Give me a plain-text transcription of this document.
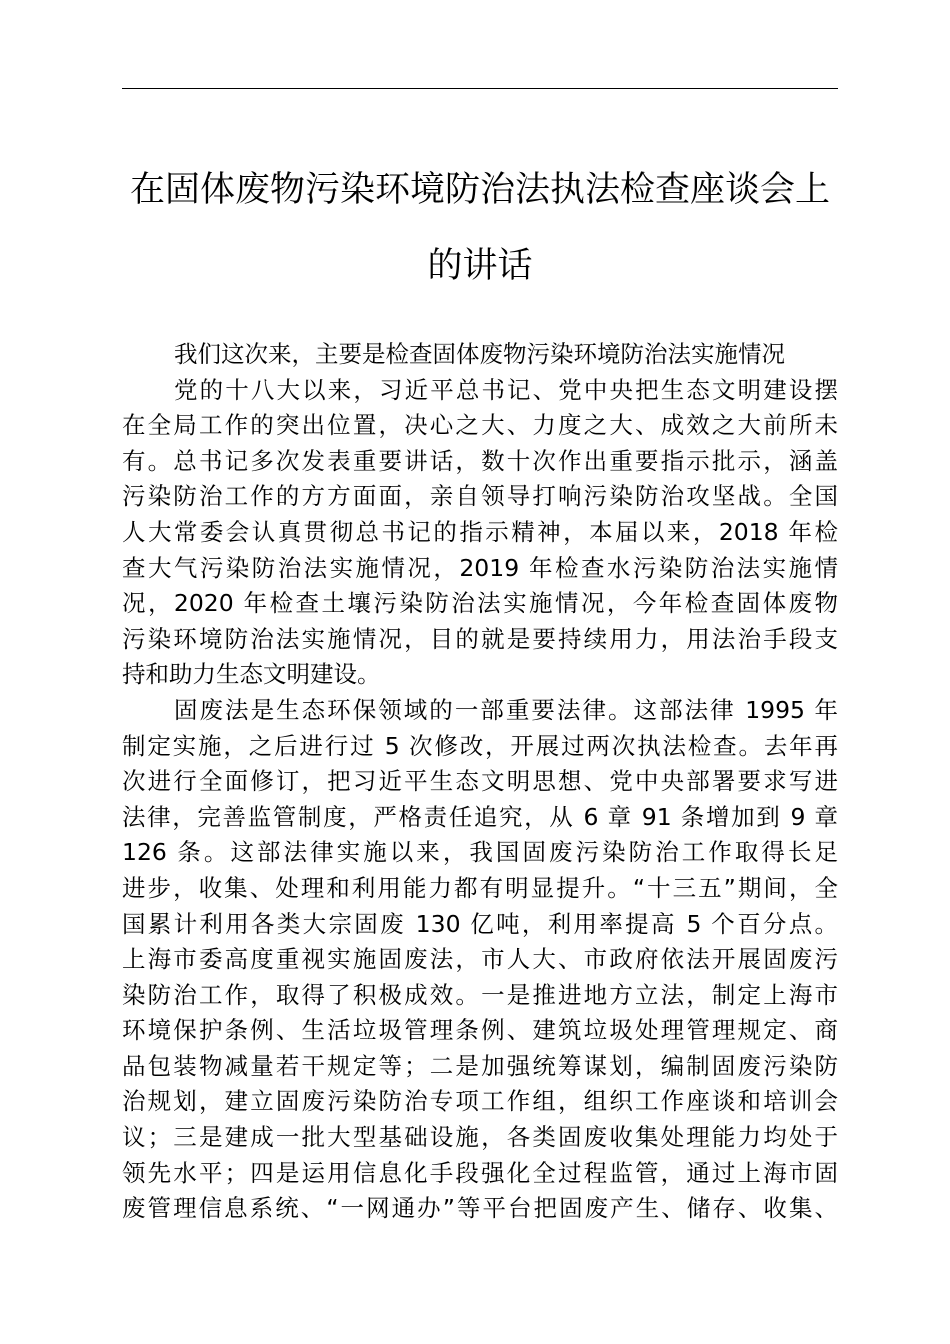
在固体废物污染环境防治法执法检查座谈会上
的讲话
我们这次来，主要是检查固体废物污染环境防治法实施情况
党的十八大以来，习近平总书记、党中央把生态文明建设摆
在全局工作的突出位置，决心之大、力度之大、成效之大前所未
有。总书记多次发表重要讲话，数十次作出重要指示批示，涵盖
污染防治工作的方方面面，亲自领导打响污染防治攻坚战。全国
人大常委会认真贯彻总书记的指示精神，本届以来，2018 年检
查大气污染防治法实施情况，2019 年检查水污染防治法实施情
况，2020 年检查土壤污染防治法实施情况，今年检查固体废物
污染环境防治法实施情况，目的就是要持续用力，用法治手段支
持和助力生态文明建设。
固废法是生态环保领域的一部重要法律。这部法律 1995 年
制定实施，之后进行过 5 次修改，开展过两次执法检查。去年再
次进行全面修订，把习近平生态文明思想、党中央部署要求写进
法律，完善监管制度，严格责任追究，从 6 章 91 条增加到 9 章
126 条。这部法律实施以来，我国固废污染防治工作取得长足
进步，收集、处理和利用能力都有明显提升。“十三五”期间，全
国累计利用各类大宗固废 130 亿吨，利用率提高 5 个百分点。
上海市委高度重视实施固废法，市人大、市政府依法开展固废污
染防治工作，取得了积极成效。一是推进地方立法，制定上海市
环境保护条例、生活垃圾管理条例、建筑垃圾处理管理规定、商
品包装物减量若干规定等；二是加强统筹谋划，编制固废污染防
治规划，建立固废污染防治专项工作组，组织工作座谈和培训会
议；三是建成一批大型基础设施，各类固废收集处理能力均处于
领先水平；四是运用信息化手段强化全过程监管，通过上海市固
废管理信息系统、“一网通办”等平台把固废产生、储存、收集、
